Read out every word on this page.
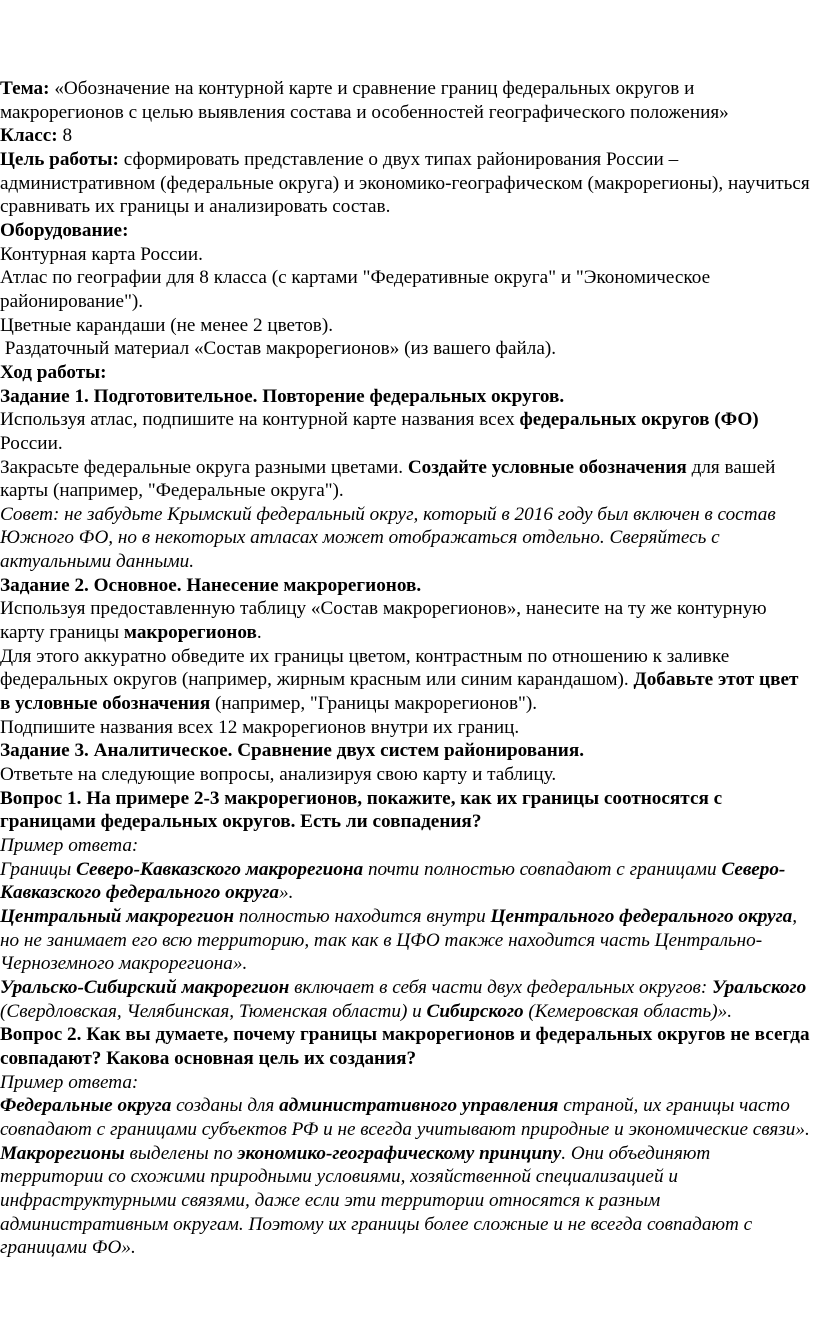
Тема: «Обозначение на контурной карте и сравнение границ федеральных округов и макрорегионов с целью выявления состава и особенностей географического положения»

Класс: 8

Цель работы: сформировать представление о двух типах районирования России – административном (федеральные округа) и экономико-географическом (макрорегионы), научиться сравнивать их границы и анализировать состав.

Оборудование:

Контурная карта России.

Атлас по географии для 8 класса (с картами "Федеративные округа" и "Экономическое районирование").

Цветные карандаши (не менее 2 цветов).

Раздаточный материал «Состав макрорегионов» (из вашего файла).

Ход работы:

Задание 1. Подготовительное. Повторение федеральных округов.

Используя атлас, подпишите на контурной карте названия всех федеральных округов (ФО) России.

Закрасьте федеральные округа разными цветами. Создайте условные обозначения для вашей карты (например, "Федеральные округа").

Совет: не забудьте Крымский федеральный округ, который в 2016 году был включен в состав Южного ФО, но в некоторых атласах может отображаться отдельно. Сверяйтесь с актуальными данными.

Задание 2. Основное. Нанесение макрорегионов.

Используя предоставленную таблицу «Состав макрорегионов», нанесите на ту же контурную карту границы макрорегионов.

Для этого аккуратно обведите их границы цветом, контрастным по отношению к заливке федеральных округов (например, жирным красным или синим карандашом). Добавьте этот цвет в условные обозначения (например, "Границы макрорегионов").

Подпишите названия всех 12 макрорегионов внутри их границ.

Задание 3. Аналитическое. Сравнение двух систем районирования.

Ответьте на следующие вопросы, анализируя свою карту и таблицу.

Вопрос 1. На примере 2-3 макрорегионов, покажите, как их границы соотносятся с границами федеральных округов. Есть ли совпадения?

Пример ответа:

Границы Северо-Кавказского макрорегиона почти полностью совпадают с границами Северо-Кавказского федерального округа».

Центральный макрорегион полностью находится внутри Центрального федерального округа, но не занимает его всю территорию, так как в ЦФО также находится часть Центрально-Черноземного макрорегиона».

Уральско-Сибирский макрорегион включает в себя части двух федеральных округов: Уральского (Свердловская, Челябинская, Тюменская области) и Сибирского (Кемеровская область)».

Вопрос 2. Как вы думаете, почему границы макрорегионов и федеральных округов не всегда совпадают? Какова основная цель их создания?

Пример ответа:

Федеральные округа созданы для административного управления страной, их границы часто совпадают с границами субъектов РФ и не всегда учитывают природные и экономические связи».

Макрорегионы выделены по экономико-географическому принципу. Они объединяют территории со схожими природными условиями, хозяйственной специализацией и инфраструктурными связями, даже если эти территории относятся к разным административным округам. Поэтому их границы более сложные и не всегда совпадают с границами ФО».
